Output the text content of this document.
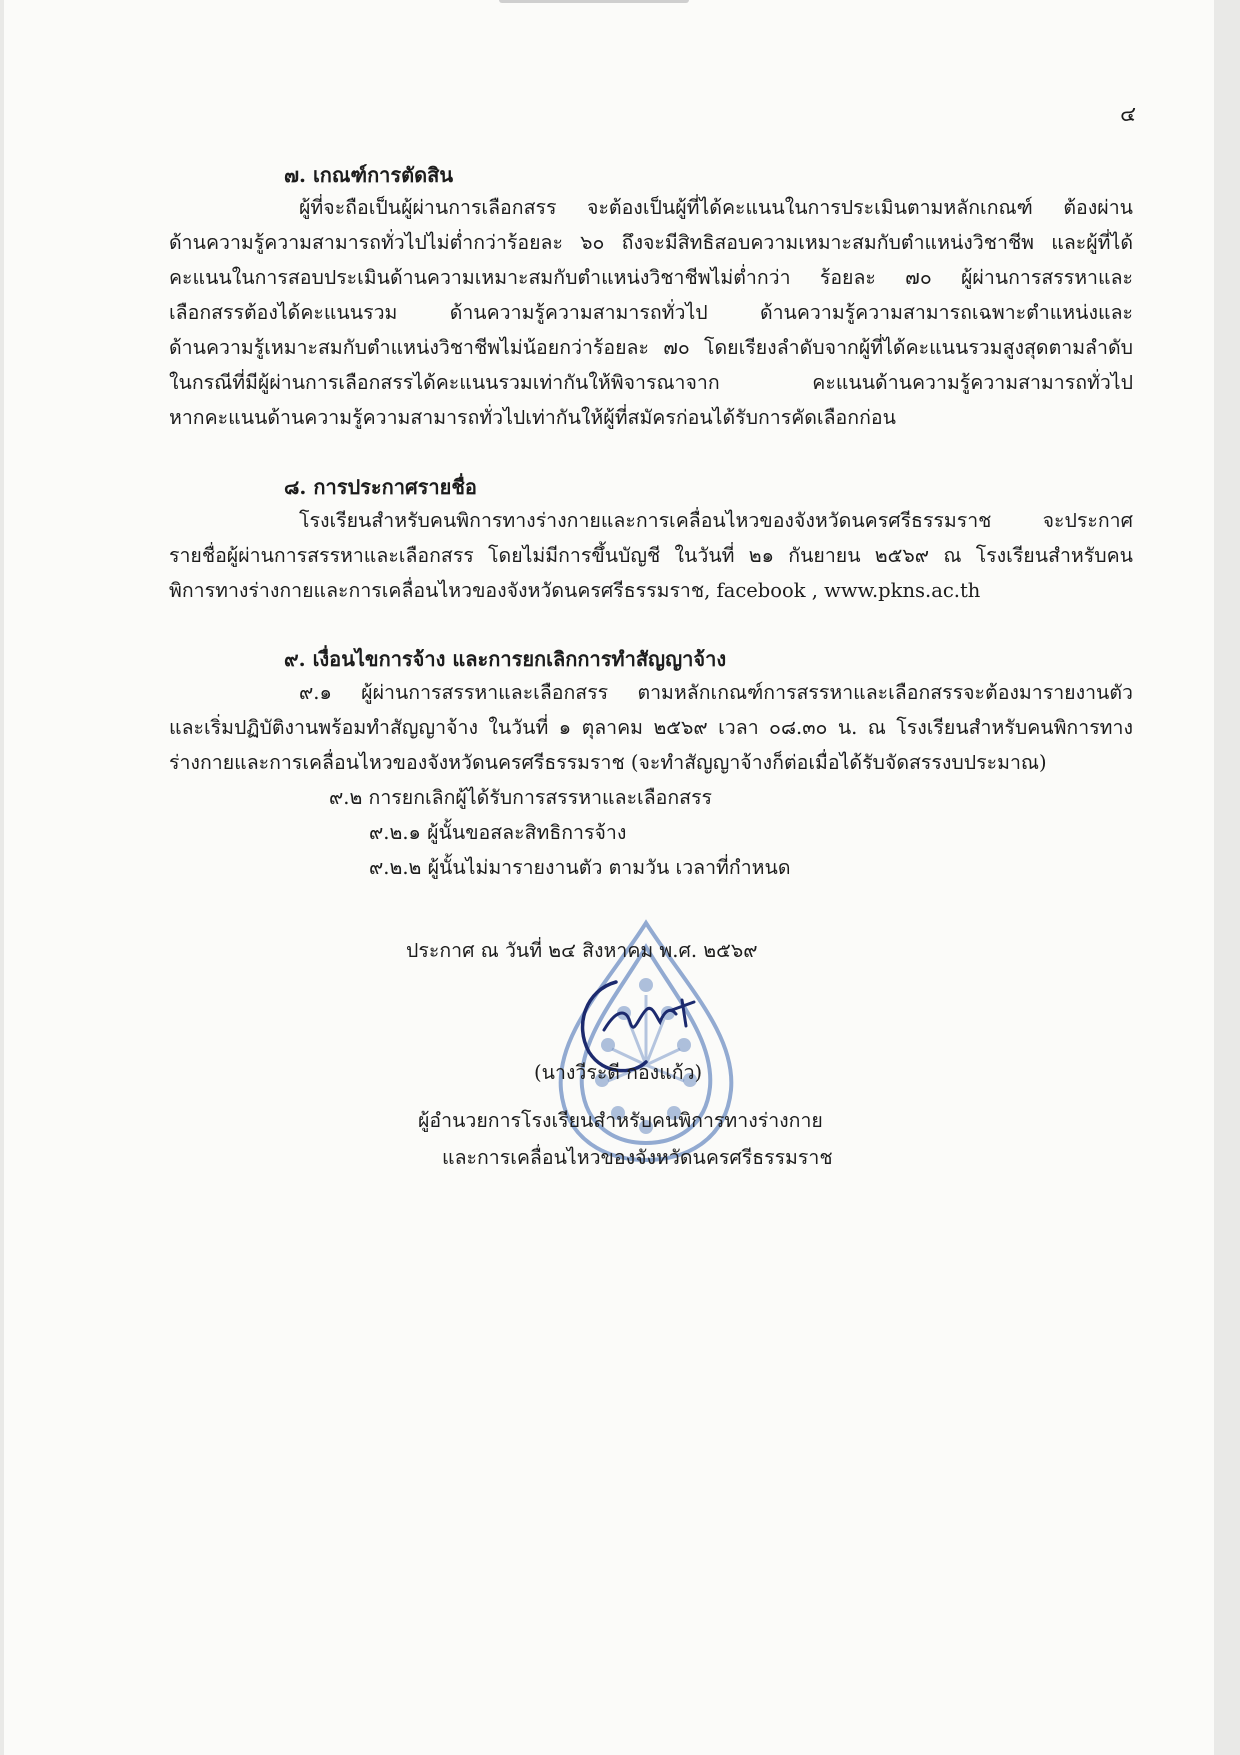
๔
๗. เกณฑ์การตัดสิน
ผู้ที่จะถือเป็นผู้ผ่านการเลือกสรร จะต้องเป็นผู้ที่ได้คะแนนในการประเมินตามหลักเกณฑ์ ต้องผ่าน
ด้านความรู้ความสามารถทั่วไปไม่ต่ำกว่าร้อยละ ๖๐ ถึงจะมีสิทธิสอบความเหมาะสมกับตำแหน่งวิชาชีพ และผู้ที่ได้
คะแนนในการสอบประเมินด้านความเหมาะสมกับตำแหน่งวิชาชีพไม่ต่ำกว่า ร้อยละ ๗๐ ผู้ผ่านการสรรหาและ
เลือกสรรต้องได้คะแนนรวม ด้านความรู้ความสามารถทั่วไป ด้านความรู้ความสามารถเฉพาะตำแหน่งและ
ด้านความรู้เหมาะสมกับตำแหน่งวิชาชีพไม่น้อยกว่าร้อยละ ๗๐ โดยเรียงลำดับจากผู้ที่ได้คะแนนรวมสูงสุดตามลำดับ
ในกรณีที่มีผู้ผ่านการเลือกสรรได้คะแนนรวมเท่ากันให้พิจารณาจาก คะแนนด้านความรู้ความสามารถทั่วไป
หากคะแนนด้านความรู้ความสามารถทั่วไปเท่ากันให้ผู้ที่สมัครก่อนได้รับการคัดเลือกก่อน
๘. การประกาศรายชื่อ
โรงเรียนสำหรับคนพิการทางร่างกายและการเคลื่อนไหวของจังหวัดนครศรีธรรมราช จะประกาศ
รายชื่อผู้ผ่านการสรรหาและเลือกสรร โดยไม่มีการขึ้นบัญชี ในวันที่ ๒๑ กันยายน ๒๕๖๙ ณ โรงเรียนสำหรับคน
พิการทางร่างกายและการเคลื่อนไหวของจังหวัดนครศรีธรรมราช, facebook , www.pkns.ac.th
๙. เงื่อนไขการจ้าง และการยกเลิกการทำสัญญาจ้าง
๙.๑ ผู้ผ่านการสรรหาและเลือกสรร ตามหลักเกณฑ์การสรรหาและเลือกสรรจะต้องมารายงานตัว
และเริ่มปฏิบัติงานพร้อมทำสัญญาจ้าง ในวันที่ ๑ ตุลาคม ๒๕๖๙ เวลา ๐๘.๓๐ น. ณ โรงเรียนสำหรับคนพิการทาง
ร่างกายและการเคลื่อนไหวของจังหวัดนครศรีธรรมราช (จะทำสัญญาจ้างก็ต่อเมื่อได้รับจัดสรรงบประมาณ)
๙.๒ การยกเลิกผู้ได้รับการสรรหาและเลือกสรร
๙.๒.๑ ผู้นั้นขอสละสิทธิการจ้าง
๙.๒.๒ ผู้นั้นไม่มารายงานตัว ตามวัน เวลาที่กำหนด
ประกาศ ณ วันที่ ๒๔ สิงหาคม พ.ศ. ๒๕๖๙
(นางวีระดี กองแก้ว)
ผู้อำนวยการโรงเรียนสำหรับคนพิการทางร่างกาย
และการเคลื่อนไหวของจังหวัดนครศรีธรรมราช
